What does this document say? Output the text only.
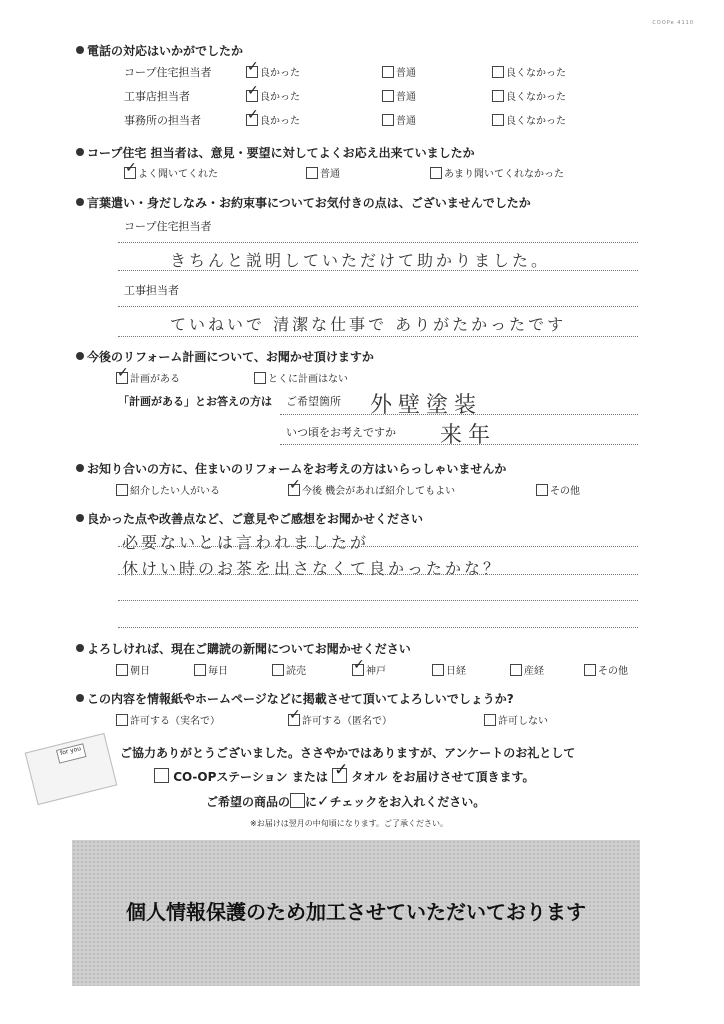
COOPe 4110
電話の対応はいかがでしたか
コープ住宅担当者 ✓	良かった	普通	良くなかった
工事店担当者 ✓	良かった	普通	良くなかった
事務所の担当者 ✓	良かった	普通	良くなかった
コープ住宅 担当者は、意見・要望に対してよくお応え出来ていましたか
✓よく聞いてくれた	普通	あまり聞いてくれなかった
言葉遣い・身だしなみ・お約束事についてお気付きの点は、ございませんでしたか
コープ住宅担当者
きちんと説明していただけて助かりました。
工事担当者
ていねいで 清潔な仕事で ありがたかったです
今後のリフォーム計画について、お聞かせ頂けますか
✓計画がある	とくに計画はない
「計画がある」とお答えの方は ご希望箇所 外壁塗装
いつ頃をお考えですか 来年
お知り合いの方に、住まいのリフォームをお考えの方はいらっしゃいませんか
紹介したい人がいる ✓	今後 機会があれば紹介してもよい	その他
良かった点や改善点など、ご意見やご感想をお聞かせください
必要ないとは言われましたが
休けい時のお茶を出さなくて良かったかな？
よろしければ、現在ご購読の新聞についてお聞かせください
朝日	毎日	読売 ✓	神戸	日経	産経	その他
この内容を情報紙やホームページなどに掲載させて頂いてよろしいでしょうか?
許可する（実名で） ✓	許可する（匿名で）	許可しない
for you	ご協力ありがとうございました。ささやかではありますが、アンケートのお礼として
CO-OPステーション または ✓ タオル をお届けさせて頂きます。
ご希望の商品の に✓チェックをお入れください。
※お届けは翌月の中旬頃になります。ご了承ください。
個人情報保護のため加工させていただいております
